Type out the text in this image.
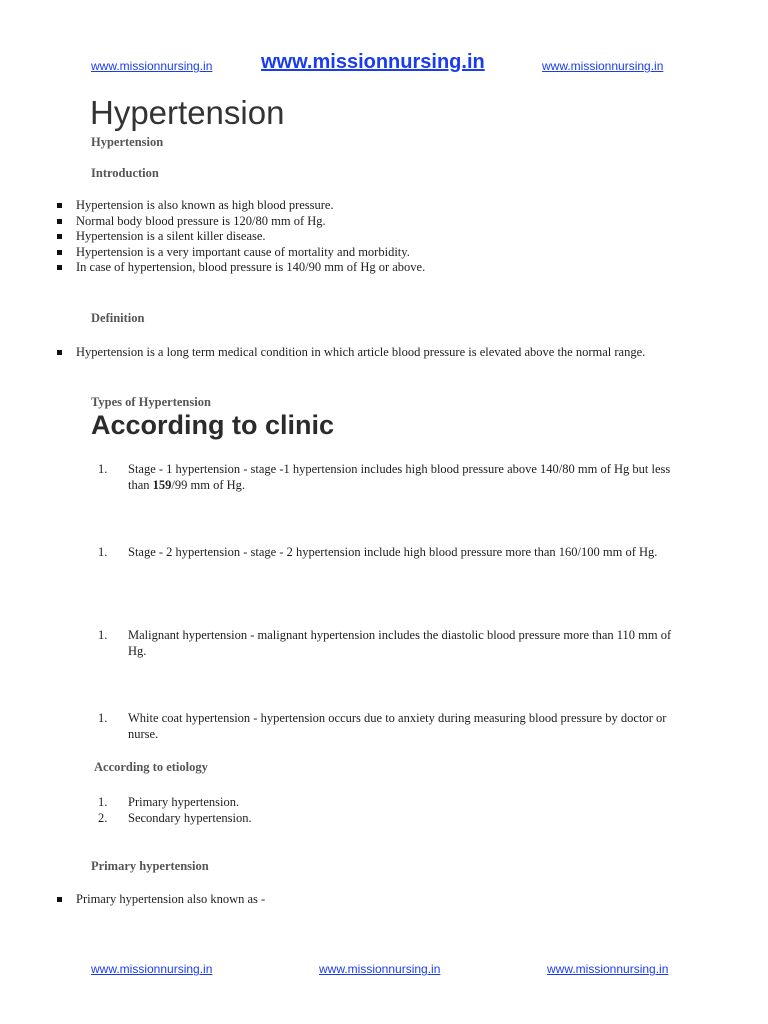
www.missionnursing.in www.missionnursing.in	www.missionnursing.in
Hypertension
Hypertension
Introduction
Hypertension is also known as high blood pressure.
Normal body blood pressure is 120/80 mm of Hg.
Hypertension is a silent killer disease.
Hypertension is a very important cause of mortality and morbidity.
In case of hypertension, blood pressure is 140/90 mm of Hg or above.
Definition
Hypertension is a long term medical condition in which article blood pressure is elevated above the normal range.
Types of Hypertension
According to clinic
1.	Stage - 1 hypertension - stage -1 hypertension includes high blood pressure above 140/80 mm of Hg but less than 159/99 mm of Hg.
1.	Stage - 2 hypertension - stage - 2 hypertension include high blood pressure more than 160/100 mm of Hg.
1.	Malignant hypertension - malignant hypertension includes the diastolic blood pressure more than 110 mm of Hg.
1.	White coat hypertension - hypertension occurs due to anxiety during measuring blood pressure by doctor or nurse.
According to etiology
1.	Primary hypertension.
2.	Secondary hypertension.
Primary hypertension
Primary hypertension also known as -
www.missionnursing.in	www.missionnursing.in	www.missionnursing.in
